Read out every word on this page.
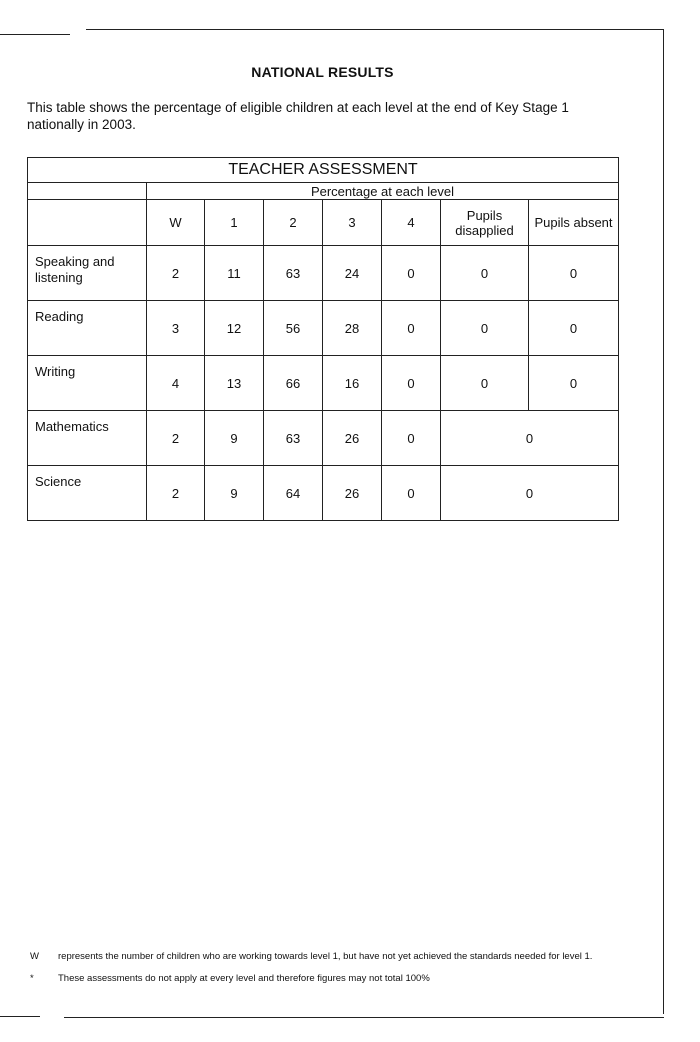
NATIONAL RESULTS
This table shows the percentage of eligible children at each level at the end of Key Stage 1 nationally in 2003.
TEACHER ASSESSMENT							
	Percentage at each level						
	W	1	2	3	4	Pupils disapplied	Pupils absent
Speaking and listening	2	11	63	24	0	0	0
Reading	3	12	56	28	0	0	0
Writing	4	13	66	16	0	0	0
Mathematics	2	9	63	26	0	0	
Science	2	9	64	26	0	0	
W	represents the number of children who are working towards level 1, but have not yet achieved the standards needed for level 1.
*	These assessments do not apply at every level and therefore figures may not total 100%
